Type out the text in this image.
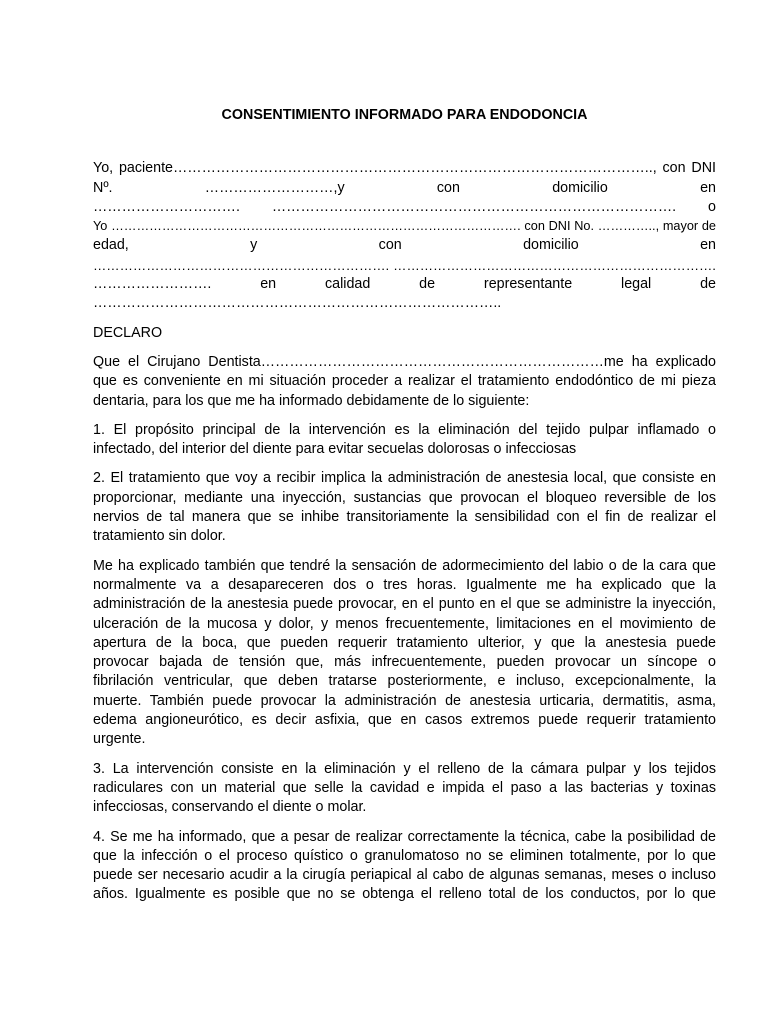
CONSENTIMIENTO INFORMADO PARA ENDODONCIA
Yo, paciente……………………………………………………………………………………….., con DNI
Nº. ………………………,y con domicilio en
…………………………. …………………………………………………………………………. o
Yo ……………………………………………………………………………………. con DNI No. ………….., mayor de
edad, y con domicilio en
…………………………………………………………. ……………………………………………………………….
……………………. en calidad de representante legal de
…………………………………………………………………………..
DECLARO
Que el Cirujano Dentista………………………………………………………………me ha explicado
que es conveniente en mi situación proceder a realizar el tratamiento endodóntico de mi pieza
dentaria, para los que me ha informado debidamente de lo siguiente:
1. El propósito principal de la intervención es la eliminación del tejido pulpar inflamado o
infectado, del interior del diente para evitar secuelas dolorosas o infecciosas
2. El tratamiento que voy a recibir implica la administración de anestesia local, que consiste en
proporcionar, mediante una inyección, sustancias que provocan el bloqueo reversible de los
nervios de tal manera que se inhibe transitoriamente la sensibilidad con el fin de realizar el
tratamiento sin dolor.
Me ha explicado también que tendré la sensación de adormecimiento del labio o de la cara que
normalmente va a desapareceren dos o tres horas. Igualmente me ha explicado que la
administración de la anestesia puede provocar, en el punto en el que se administre la inyección,
ulceración de la mucosa y dolor, y menos frecuentemente, limitaciones en el movimiento de
apertura de la boca, que pueden requerir tratamiento ulterior, y que la anestesia puede
provocar bajada de tensión que, más infrecuentemente, pueden provocar un síncope o
fibrilación ventricular, que deben tratarse posteriormente, e incluso, excepcionalmente, la
muerte. También puede provocar la administración de anestesia urticaria, dermatitis, asma,
edema angioneurótico, es decir asfixia, que en casos extremos puede requerir tratamiento
urgente.
3. La intervención consiste en la eliminación y el relleno de la cámara pulpar y los tejidos
radiculares con un material que selle la cavidad e impida el paso a las bacterias y toxinas
infecciosas, conservando el diente o molar.
4. Se me ha informado, que a pesar de realizar correctamente la técnica, cabe la posibilidad de
que la infección o el proceso quístico o granulomatoso no se eliminen totalmente, por lo que
puede ser necesario acudir a la cirugía periapical al cabo de algunas semanas, meses o incluso
años. Igualmente es posible que no se obtenga el relleno total de los conductos, por lo que
